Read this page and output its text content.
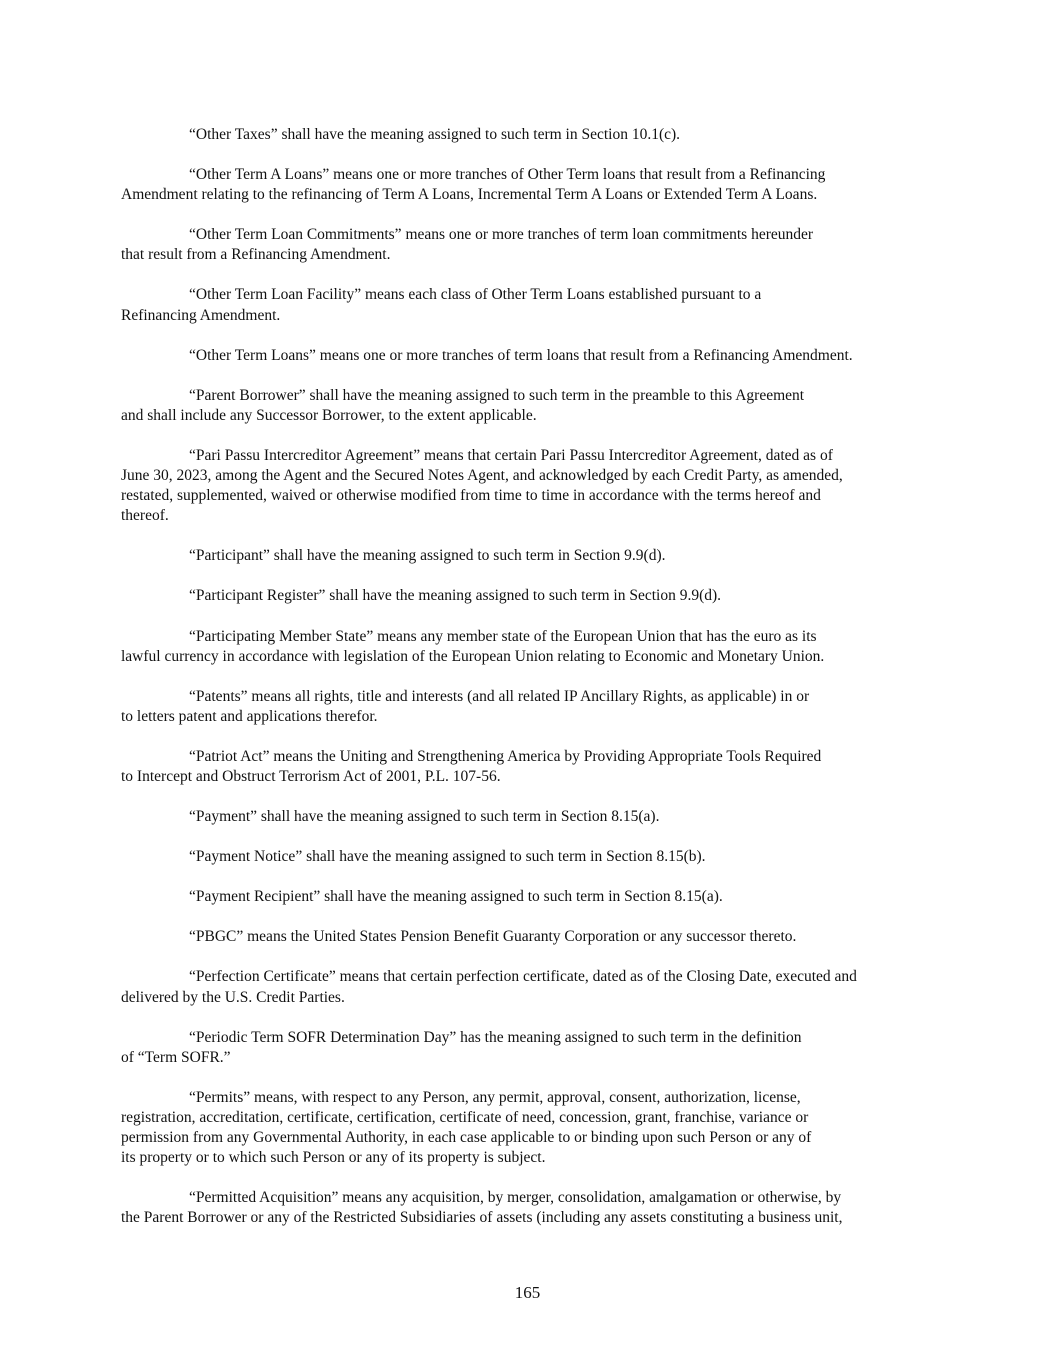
“Other Taxes” shall have the meaning assigned to such term in Section 10.1(c).

“Other Term A Loans” means one or more tranches of Other Term loans that result from a Refinancing
Amendment relating to the refinancing of Term A Loans, Incremental Term A Loans or Extended Term A Loans.

“Other Term Loan Commitments” means one or more tranches of term loan commitments hereunder
that result from a Refinancing Amendment.

“Other Term Loan Facility” means each class of Other Term Loans established pursuant to a
Refinancing Amendment.

“Other Term Loans” means one or more tranches of term loans that result from a Refinancing Amendment.

“Parent Borrower” shall have the meaning assigned to such term in the preamble to this Agreement
and shall include any Successor Borrower, to the extent applicable.

“Pari Passu Intercreditor Agreement” means that certain Pari Passu Intercreditor Agreement, dated as of
June 30, 2023, among the Agent and the Secured Notes Agent, and acknowledged by each Credit Party, as amended,
restated, supplemented, waived or otherwise modified from time to time in accordance with the terms hereof and
thereof.

“Participant” shall have the meaning assigned to such term in Section 9.9(d).

“Participant Register” shall have the meaning assigned to such term in Section 9.9(d).

“Participating Member State” means any member state of the European Union that has the euro as its
lawful currency in accordance with legislation of the European Union relating to Economic and Monetary Union.

“Patents” means all rights, title and interests (and all related IP Ancillary Rights, as applicable) in or
to letters patent and applications therefor.

“Patriot Act” means the Uniting and Strengthening America by Providing Appropriate Tools Required
to Intercept and Obstruct Terrorism Act of 2001, P.L. 107-56.

“Payment” shall have the meaning assigned to such term in Section 8.15(a).

“Payment Notice” shall have the meaning assigned to such term in Section 8.15(b).

“Payment Recipient” shall have the meaning assigned to such term in Section 8.15(a).

“PBGC” means the United States Pension Benefit Guaranty Corporation or any successor thereto.

“Perfection Certificate” means that certain perfection certificate, dated as of the Closing Date, executed and
delivered by the U.S. Credit Parties.

“Periodic Term SOFR Determination Day” has the meaning assigned to such term in the definition
of “Term SOFR.”

“Permits” means, with respect to any Person, any permit, approval, consent, authorization, license,
registration, accreditation, certificate, certification, certificate of need, concession, grant, franchise, variance or
permission from any Governmental Authority, in each case applicable to or binding upon such Person or any of
its property or to which such Person or any of its property is subject.

“Permitted Acquisition” means any acquisition, by merger, consolidation, amalgamation or otherwise, by
the Parent Borrower or any of the Restricted Subsidiaries of assets (including any assets constituting a business unit,

165
